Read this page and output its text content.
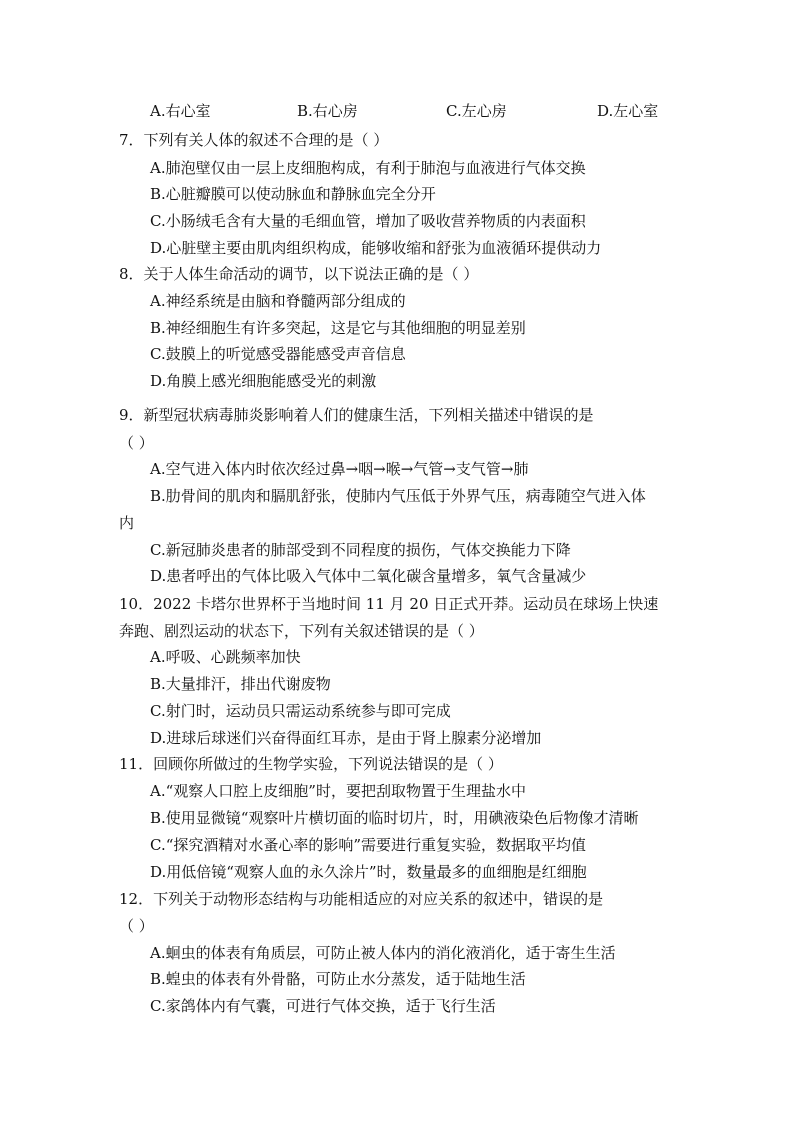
A.右心室	B.右心房	C.左心房	D.左心室
7．下列有关人体的叙述不合理的是（ ）
A.肺泡壁仅由一层上皮细胞构成，有利于肺泡与血液进行气体交换
B.心脏瓣膜可以使动脉血和静脉血完全分开
C.小肠绒毛含有大量的毛细血管，增加了吸收营养物质的内表面积
D.心脏壁主要由肌肉组织构成，能够收缩和舒张为血液循环提供动力
8．关于人体生命活动的调节，以下说法正确的是（ ）
A.神经系统是由脑和脊髓两部分组成的
B.神经细胞生有许多突起，这是它与其他细胞的明显差别
C.鼓膜上的听觉感受器能感受声音信息
D.角膜上感光细胞能感受光的刺激
9．新型冠状病毒肺炎影响着人们的健康生活，下列相关描述中错误的是
（ ）
A.空气进入体内时依次经过鼻→咽→喉→气管→支气管→肺
B.肋骨间的肌肉和膈肌舒张，使肺内气压低于外界气压，病毒随空气进入体
内
C.新冠肺炎患者的肺部受到不同程度的损伤，气体交换能力下降
D.患者呼出的气体比吸入气体中二氧化碳含量增多，氧气含量减少
10．2022 卡塔尔世界杯于当地时间 11 月 20 日正式开莽。运动员在球场上快速
奔跑、剧烈运动的状态下，下列有关叙述错误的是（ ）
A.呼吸、心跳频率加快
B.大量排汗，排出代谢废物
C.射门时，运动员只需运动系统参与即可完成
D.进球后球迷们兴奋得面红耳赤，是由于肾上腺素分泌增加
11．回顾你所做过的生物学实验，下列说法错误的是（ ）
A.“观察人口腔上皮细胞”时，要把刮取物置于生理盐水中
B.使用显微镜“观察叶片横切面的临时切片，时，用碘液染色后物像才清晰
C.“探究酒精对水蚤心率的影响”需要进行重复实验，数据取平均值
D.用低倍镜“观察人血的永久涂片”时，数量最多的血细胞是红细胞
12．下列关于动物形态结构与功能相适应的对应关系的叙述中，错误的是
（ ）
A.蛔虫的体表有角质层，可防止被人体内的消化液消化，适于寄生生活
B.蝗虫的体表有外骨骼，可防止水分蒸发，适于陆地生活
C.家鸽体内有气囊，可进行气体交换，适于飞行生活
